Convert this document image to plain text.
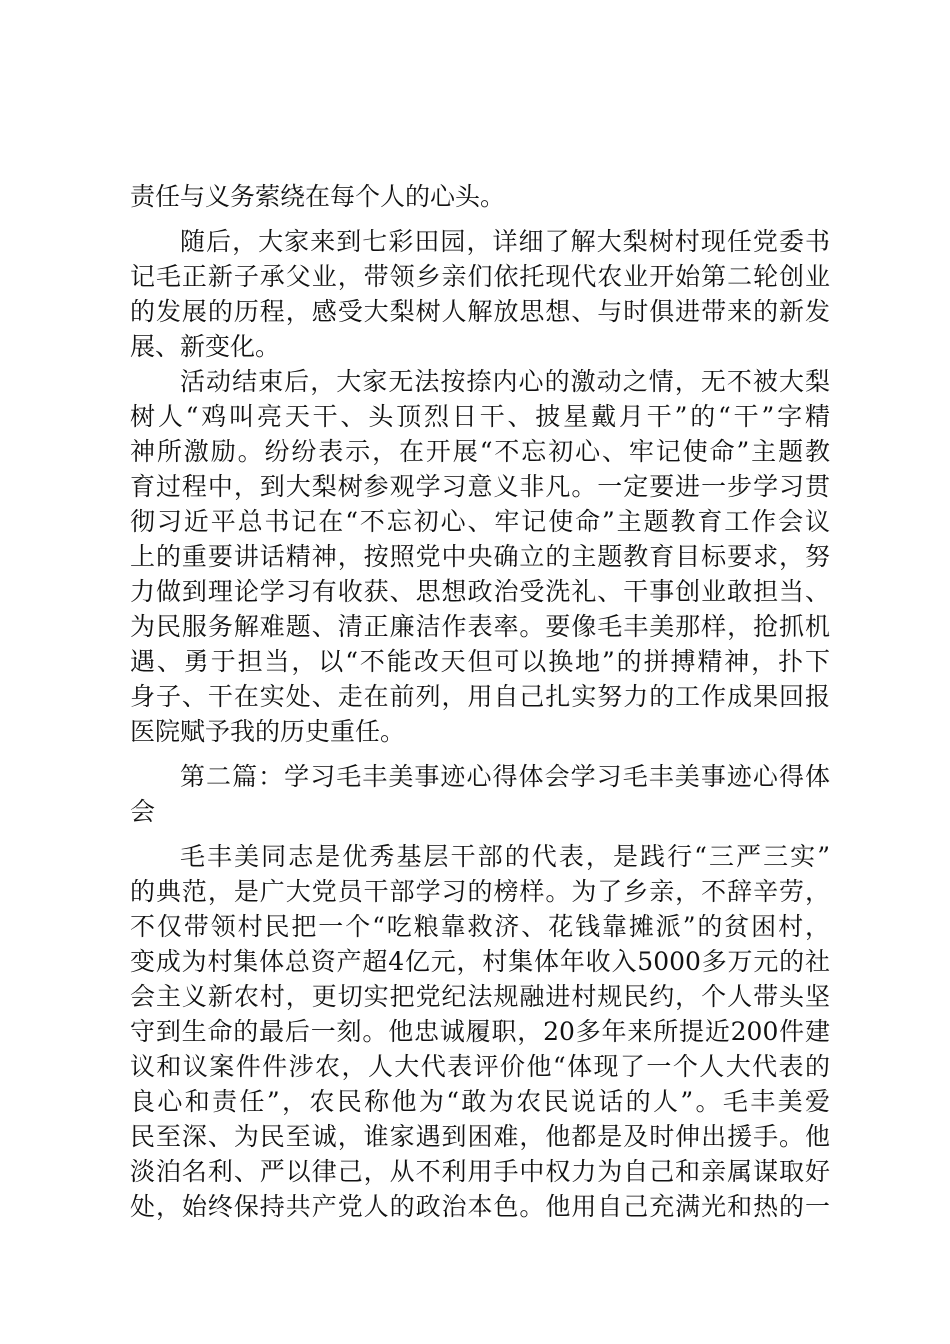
责任与义务萦绕在每个人的心头。
随后，大家来到七彩田园，详细了解大梨树村现任党委书
记毛正新子承父业，带领乡亲们依托现代农业开始第二轮创业
的发展的历程，感受大梨树人解放思想、与时俱进带来的新发
展、新变化。
活动结束后，大家无法按捺内心的激动之情，无不被大梨
树人“鸡叫亮天干、头顶烈日干、披星戴月干”的“干”字精
神所激励。纷纷表示，在开展“不忘初心、牢记使命”主题教
育过程中，到大梨树参观学习意义非凡。一定要进一步学习贯
彻习近平总书记在“不忘初心、牢记使命”主题教育工作会议
上的重要讲话精神，按照党中央确立的主题教育目标要求，努
力做到理论学习有收获、思想政治受洗礼、干事创业敢担当、
为民服务解难题、清正廉洁作表率。要像毛丰美那样，抢抓机
遇、勇于担当，以“不能改天但可以换地”的拼搏精神，扑下
身子、干在实处、走在前列，用自己扎实努力的工作成果回报
医院赋予我的历史重任。
第二篇：学习毛丰美事迹心得体会学习毛丰美事迹心得体
会
毛丰美同志是优秀基层干部的代表，是践行“三严三实”
的典范，是广大党员干部学习的榜样。为了乡亲，不辞辛劳，
不仅带领村民把一个“吃粮靠救济、花钱靠摊派”的贫困村，
变成为村集体总资产超4亿元，村集体年收入5000多万元的社
会主义新农村，更切实把党纪法规融进村规民约，个人带头坚
守到生命的最后一刻。他忠诚履职，20多年来所提近200件建
议和议案件件涉农，人大代表评价他“体现了一个人大代表的
良心和责任”，农民称他为“敢为农民说话的人”。毛丰美爱
民至深、为民至诚，谁家遇到困难，他都是及时伸出援手。他
淡泊名利、严以律己，从不利用手中权力为自己和亲属谋取好
处，始终保持共产党人的政治本色。他用自己充满光和热的一
